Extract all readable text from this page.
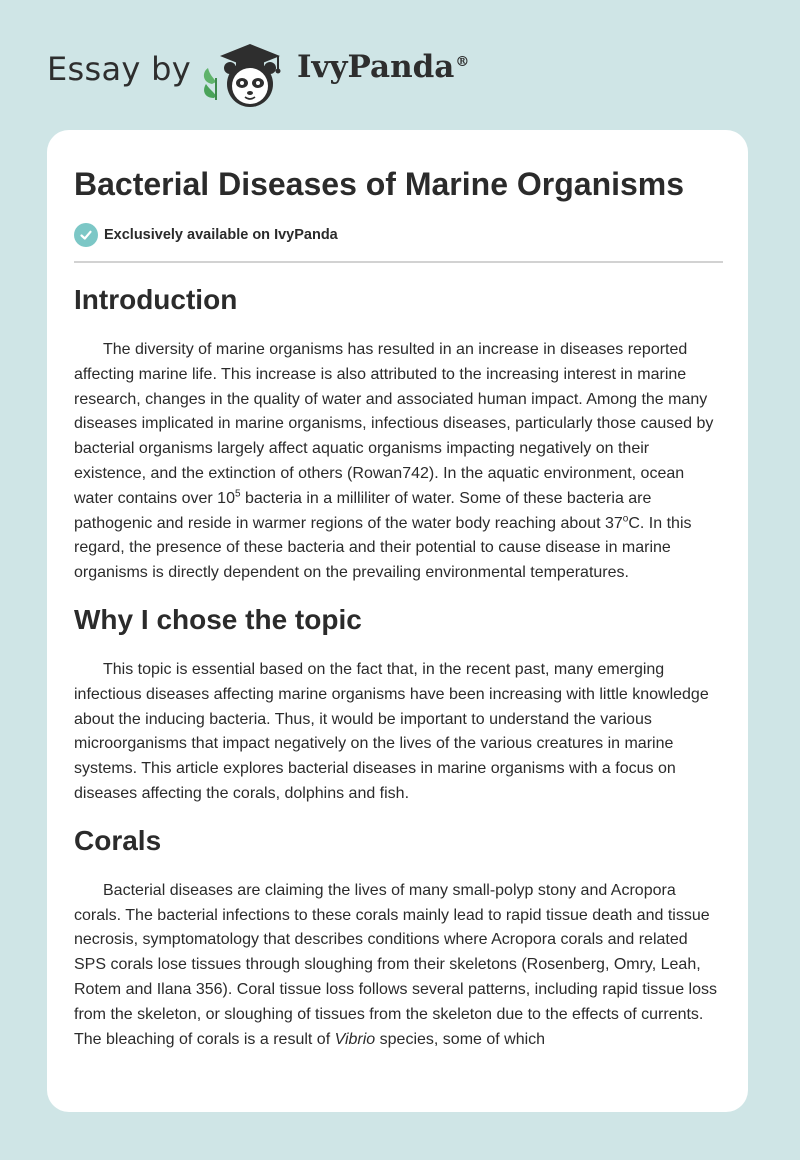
Essay by	IvyPanda®
Bacterial Diseases of Marine Organisms
Exclusively available on IvyPanda
Introduction

The diversity of marine organisms has resulted in an increase in diseases reported affecting marine life. This increase is also attributed to the increasing interest in marine research, changes in the quality of water and associated human impact. Among the many diseases implicated in marine organisms, infectious diseases, particularly those caused by bacterial organisms largely affect aquatic organisms impacting negatively on their existence, and the extinction of others (Rowan742). In the aquatic environment, ocean water contains over $10^5$ bacteria in a milliliter of water. Some of these bacteria are pathogenic and reside in warmer regions of the water body reaching about 37$^o$C. In this regard, the presence of these bacteria and their potential to cause disease in marine organisms is directly dependent on the prevailing environmental temperatures.

Why I chose the topic

This topic is essential based on the fact that, in the recent past, many emerging infectious diseases affecting marine organisms have been increasing with little knowledge about the inducing bacteria. Thus, it would be important to understand the various microorganisms that impact negatively on the lives of the various creatures in marine systems. This article explores bacterial diseases in marine organisms with a focus on diseases affecting the corals, dolphins and fish.

Corals

Bacterial diseases are claiming the lives of many small-polyp stony and Acropora corals. The bacterial infections to these corals mainly lead to rapid tissue death and tissue necrosis, symptomatology that describes conditions where Acropora corals and related SPS corals lose tissues through sloughing from their skeletons (Rosenberg, Omry, Leah, Rotem and Ilana 356). Coral tissue loss follows several patterns, including rapid tissue loss from the skeleton, or sloughing of tissues from the skeleton due to the effects of currents. The bleaching of corals is a result of Vibrio species, some of which
